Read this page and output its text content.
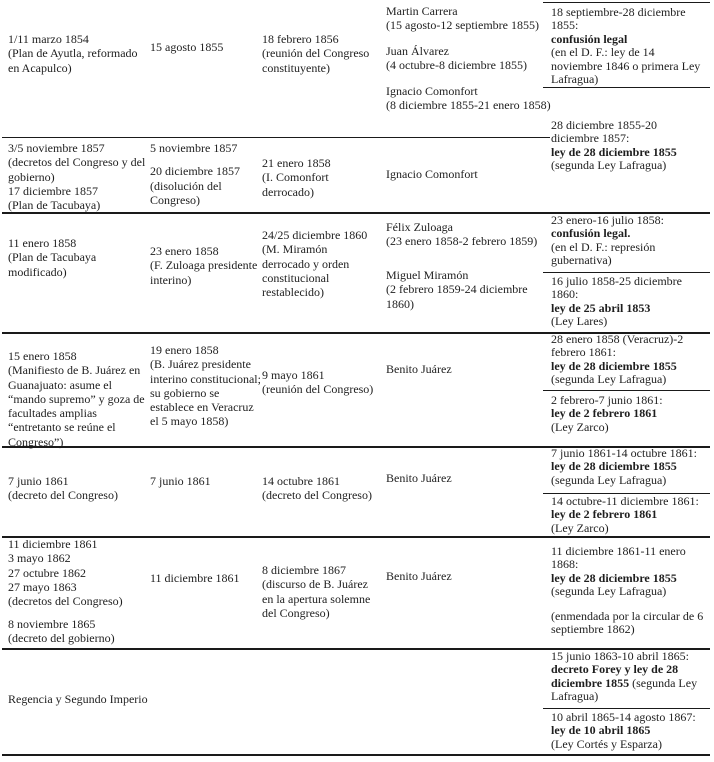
1/11 marzo 1854
(Plan de Ayutla, reformado en Acapulco)
15 agosto 1855
18 febrero 1856
(reunión del Congreso constituyente)
Martin Carrera
(15 agosto-12 septiembre 1855)
Juan Álvarez
(4 octubre-8 diciembre 1855)
Ignacio Comonfort
(8 diciembre 1855-21 enero 1858)
18 septiembre-28 diciembre 1855:
confusión legal
(en el D. F.: ley de 14 noviembre 1846 o primera Ley Lafragua)
28 diciembre 1855-20 diciembre 1857:
ley de 28 diciembre 1855
(segunda Ley Lafragua)
3/5 noviembre 1857
(decretos del Congreso y del gobierno)
17 diciembre 1857
(Plan de Tacubaya)
5 noviembre 1857
20 diciembre 1857
(disolución del Congreso)
21 enero 1858
(I. Comonfort derrocado)
Ignacio Comonfort
11 enero 1858
(Plan de Tacubaya modificado)
23 enero 1858
(F. Zuloaga presidente interino)
24/25 diciembre 1860
(M. Miramón derrocado y orden constitucional restablecido)
Félix Zuloaga
(23 enero 1858-2 febrero 1859)
Miguel Miramón
(2 febrero 1859-24 diciembre 1860)
23 enero-16 julio 1858:
confusión legal.
(en el D. F.: represión gubernativa)
16 julio 1858-25 diciembre 1860:
ley de 25 abril 1853
(Ley Lares)
15 enero 1858
(Manifiesto de B. Juárez en Guanajuato: asume el “mando supremo” y goza de facultades amplias “entretanto se reúne el Congreso”)
19 enero 1858
(B. Juárez presidente interino constitucional; su gobierno se establece en Veracruz el 5 mayo 1858)
9 mayo 1861
(reunión del Congreso)
Benito Juárez
28 enero 1858 (Veracruz)-2 febrero 1861:
ley de 28 diciembre 1855
(segunda Ley Lafragua)
2 febrero-7 junio 1861:
ley de 2 febrero 1861
(Ley Zarco)
7 junio 1861
(decreto del Congreso)
7 junio 1861	14 octubre 1861
(decreto del Congreso)
Benito Juárez
7 junio 1861-14 octubre 1861:
ley de 28 diciembre 1855
(segunda Ley Lafragua)
14 octubre-11 diciembre 1861:
ley de 2 febrero 1861
(Ley Zarco)
11 diciembre 1861
3 mayo 1862
27 octubre 1862
27 mayo 1863
(decretos del Congreso)
8 noviembre 1865
(decreto del gobierno)
11 diciembre 1861
8 diciembre 1867
(discurso de B. Juárez en la apertura solemne del Congreso)
Benito Juárez
11 diciembre 1861-11 enero 1868:
ley de 28 diciembre 1855
(segunda Ley Lafragua)
(enmendada por la circular de 6 septiembre 1862)
Regencia y Segundo Imperio
15 junio 1863-10 abril 1865:
decreto Forey y ley de 28 diciembre 1855 (segunda Ley Lafragua)
10 abril 1865-14 agosto 1867:
ley de 10 abril 1865
(Ley Cortés y Esparza)
